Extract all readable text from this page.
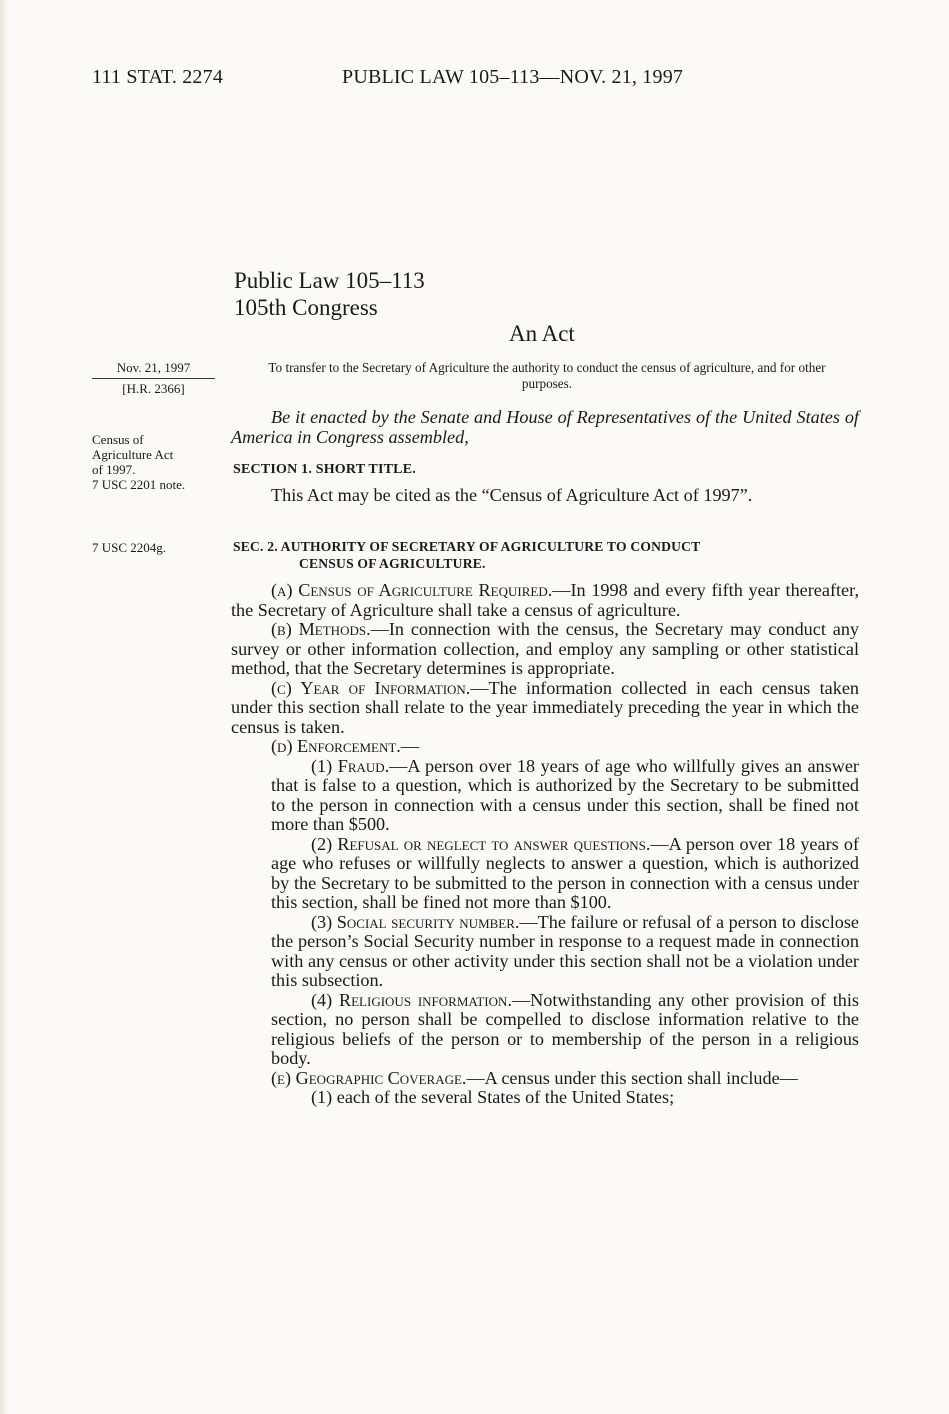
111 STAT. 2274	PUBLIC LAW 105–113—NOV. 21, 1997
Public Law 105–113
105th Congress
An Act
Nov. 21, 1997
[H.R. 2366]
To transfer to the Secretary of Agriculture the authority to conduct the census of agriculture, and for other purposes.
Census of
Agriculture Act
of 1997.
7 USC 2201 note.
7 USC 2204g.
Be it enacted by the Senate and House of Representatives of the United States of America in Congress assembled,
SECTION 1. SHORT TITLE.
This Act may be cited as the “Census of Agriculture Act of 1997”.
SEC. 2. AUTHORITY OF SECRETARY OF AGRICULTURE TO CONDUCT
CENSUS OF AGRICULTURE.

(a) Census of Agriculture Required.—In 1998 and every fifth year thereafter, the Secretary of Agriculture shall take a census of agriculture.

(b) Methods.—In connection with the census, the Secretary may conduct any survey or other information collection, and employ any sampling or other statistical method, that the Secretary determines is appropriate.

(c) Year of Information.—The information collected in each census taken under this section shall relate to the year immediately preceding the year in which the census is taken.

(d) Enforcement.—

(1) Fraud.—A person over 18 years of age who willfully gives an answer that is false to a question, which is authorized by the Secretary to be submitted to the person in connection with a census under this section, shall be fined not more than $500.

(2) Refusal or neglect to answer questions.—A person over 18 years of age who refuses or willfully neglects to answer a question, which is authorized by the Secretary to be submitted to the person in connection with a census under this section, shall be fined not more than $100.

(3) Social security number.—The failure or refusal of a person to disclose the person’s Social Security number in response to a request made in connection with any census or other activity under this section shall not be a violation under this subsection.

(4) Religious information.—Notwithstanding any other provision of this section, no person shall be compelled to disclose information relative to the religious beliefs of the person or to membership of the person in a religious body.

(e) Geographic Coverage.—A census under this section shall include—

(1) each of the several States of the United States;
